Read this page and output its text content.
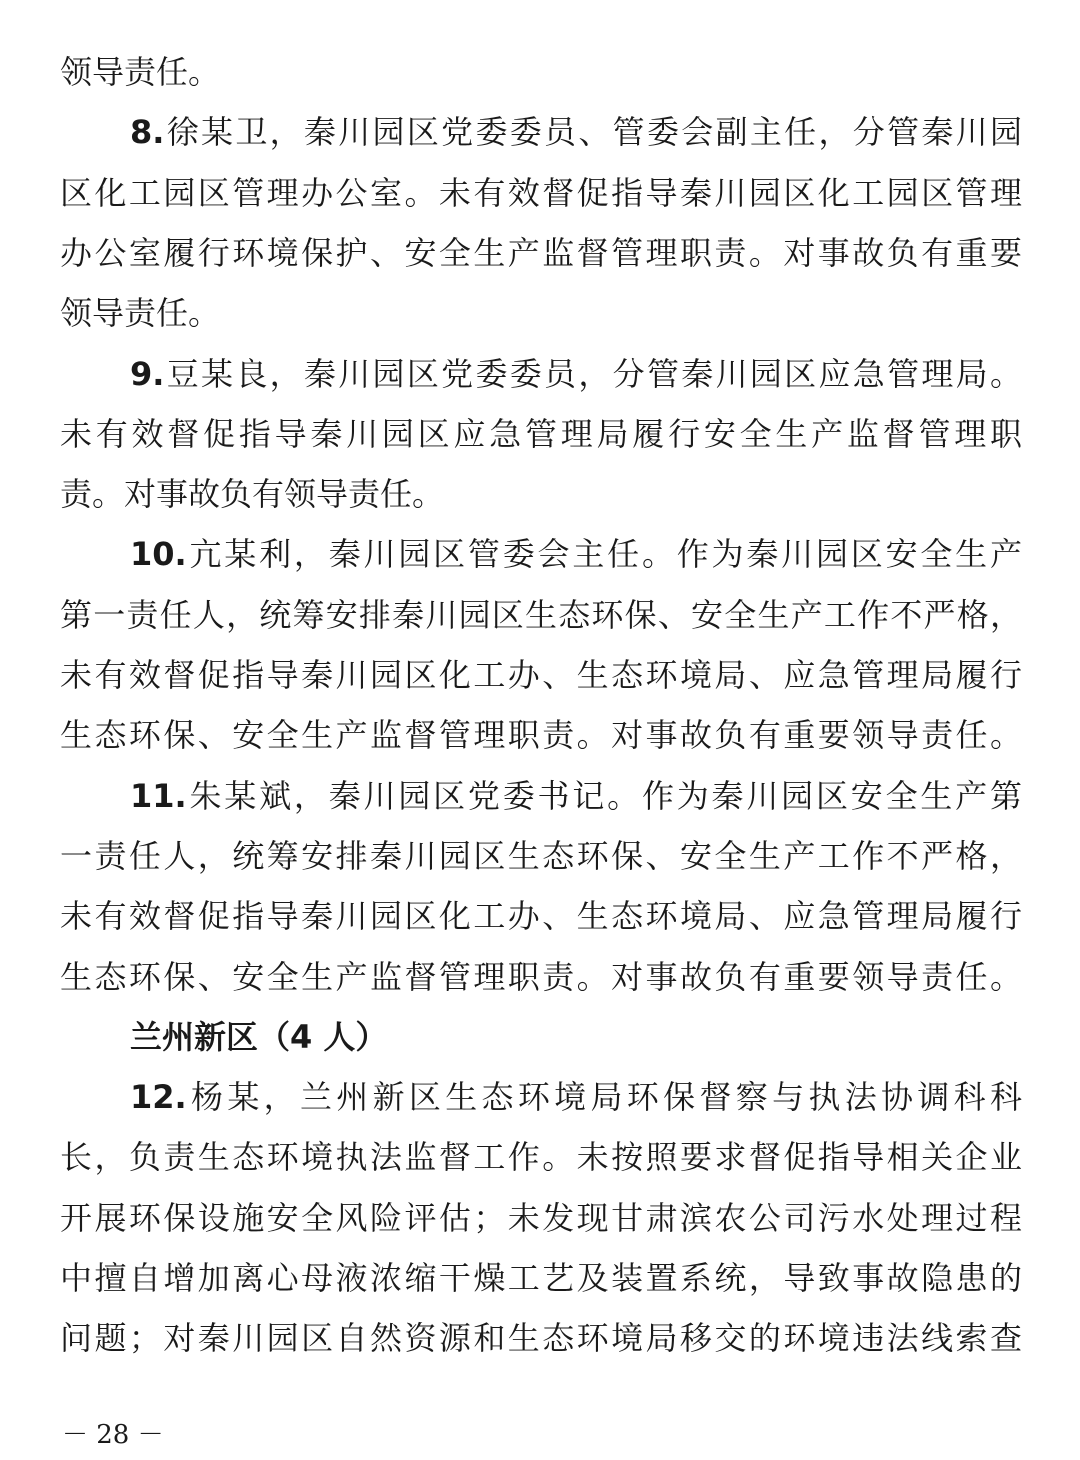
领导责任。
8.徐某卫，秦川园区党委委员、管委会副主任，分管秦川园
区化工园区管理办公室。未有效督促指导秦川园区化工园区管理
办公室履行环境保护、安全生产监督管理职责。对事故负有重要
领导责任。
9.豆某良，秦川园区党委委员，分管秦川园区应急管理局。
未有效督促指导秦川园区应急管理局履行安全生产监督管理职
责。对事故负有领导责任。
10.亢某利，秦川园区管委会主任。作为秦川园区安全生产
第一责任人，统筹安排秦川园区生态环保、安全生产工作不严格，
未有效督促指导秦川园区化工办、生态环境局、应急管理局履行
生态环保、安全生产监督管理职责。对事故负有重要领导责任。
11.朱某斌，秦川园区党委书记。作为秦川园区安全生产第
一责任人，统筹安排秦川园区生态环保、安全生产工作不严格，
未有效督促指导秦川园区化工办、生态环境局、应急管理局履行
生态环保、安全生产监督管理职责。对事故负有重要领导责任。
兰州新区（4 人）
12.杨某，兰州新区生态环境局环保督察与执法协调科科
长，负责生态环境执法监督工作。未按照要求督促指导相关企业
开展环保设施安全风险评估；未发现甘肃滨农公司污水处理过程
中擅自增加离心母液浓缩干燥工艺及装置系统，导致事故隐患的
问题；对秦川园区自然资源和生态环境局移交的环境违法线索查
－ 28 －
